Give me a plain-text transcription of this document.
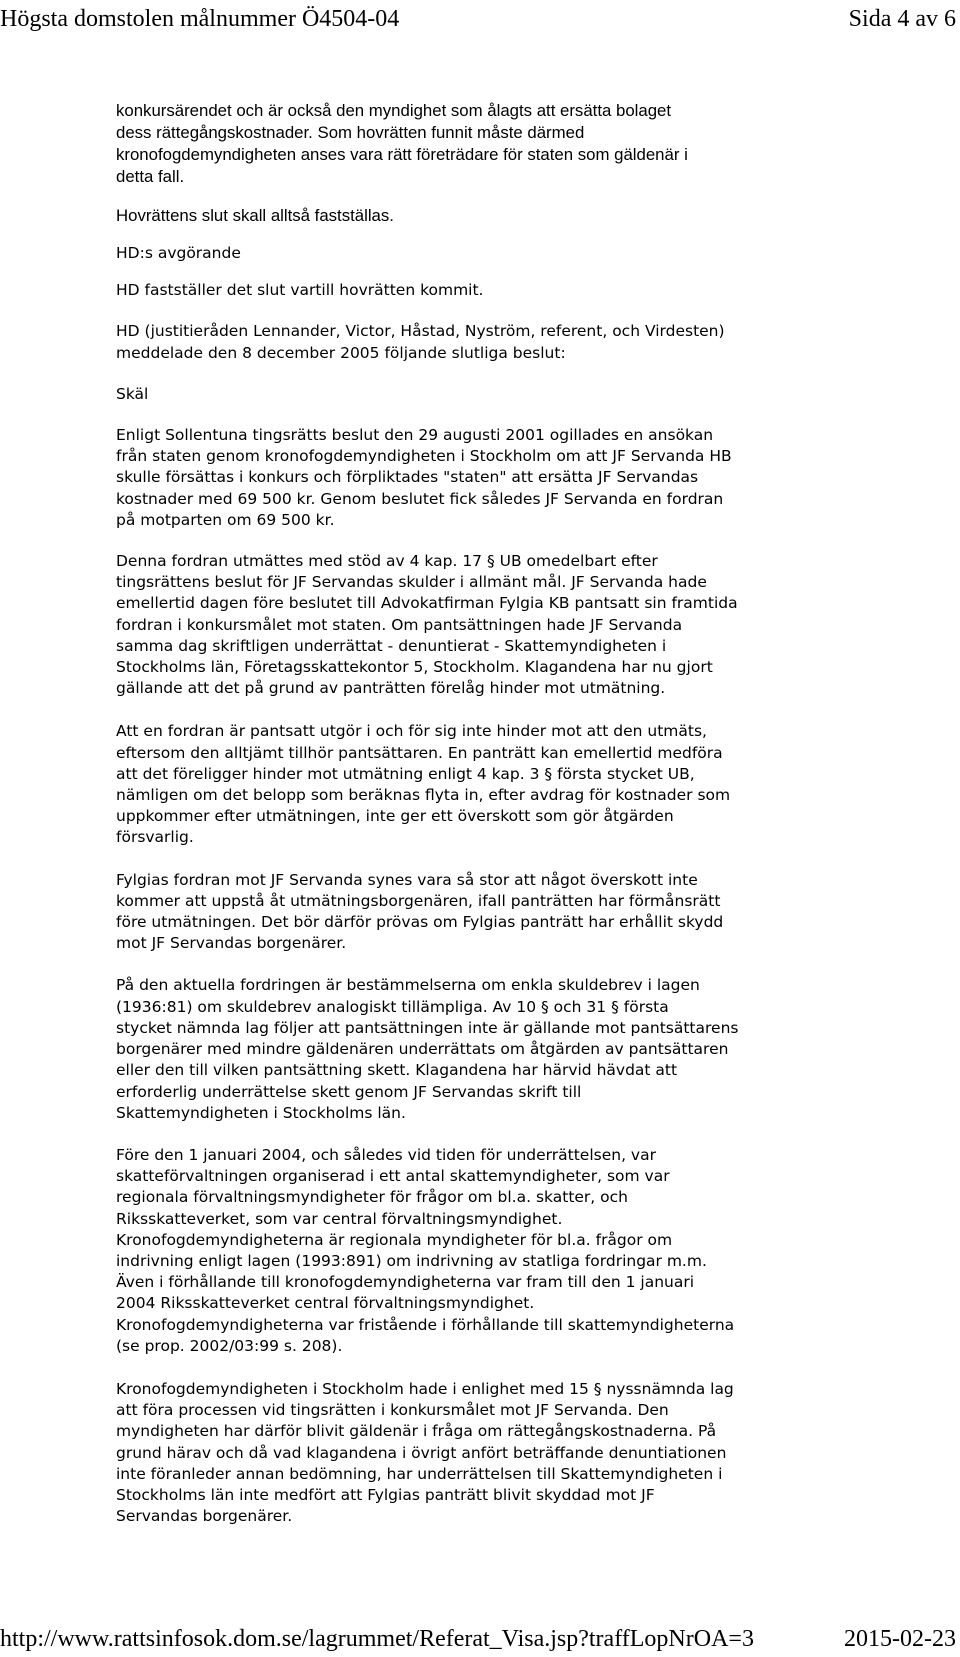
Högsta domstolen målnummer Ö4504-04	Sida 4 av 6

konkursärendet och är också den myndighet som ålagts att ersätta bolaget
dess rättegångskostnader. Som hovrätten funnit måste därmed
kronofogdemyndigheten anses vara rätt företrädare för staten som gäldenär i
detta fall.

Hovrättens slut skall alltså fastställas.

HD:s avgörande

HD fastställer det slut vartill hovrätten kommit.

HD (justitieråden Lennander, Victor, Håstad, Nyström, referent, och Virdesten)
meddelade den 8 december 2005 följande slutliga beslut:

Skäl

Enligt Sollentuna tingsrätts beslut den 29 augusti 2001 ogillades en ansökan
från staten genom kronofogdemyndigheten i Stockholm om att JF Servanda HB
skulle försättas i konkurs och förpliktades "staten" att ersätta JF Servandas
kostnader med 69 500 kr. Genom beslutet fick således JF Servanda en fordran
på motparten om 69 500 kr.

Denna fordran utmättes med stöd av 4 kap. 17 § UB omedelbart efter
tingsrättens beslut för JF Servandas skulder i allmänt mål. JF Servanda hade
emellertid dagen före beslutet till Advokatfirman Fylgia KB pantsatt sin framtida
fordran i konkursmålet mot staten. Om pantsättningen hade JF Servanda
samma dag skriftligen underrättat - denuntierat - Skattemyndigheten i
Stockholms län, Företagsskattekontor 5, Stockholm. Klagandena har nu gjort
gällande att det på grund av panträtten förelåg hinder mot utmätning.

Att en fordran är pantsatt utgör i och för sig inte hinder mot att den utmäts,
eftersom den alltjämt tillhör pantsättaren. En panträtt kan emellertid medföra
att det föreligger hinder mot utmätning enligt 4 kap. 3 § första stycket UB,
nämligen om det belopp som beräknas flyta in, efter avdrag för kostnader som
uppkommer efter utmätningen, inte ger ett överskott som gör åtgärden
försvarlig.

Fylgias fordran mot JF Servanda synes vara så stor att något överskott inte
kommer att uppstå åt utmätningsborgenären, ifall panträtten har förmånsrätt
före utmätningen. Det bör därför prövas om Fylgias panträtt har erhållit skydd
mot JF Servandas borgenärer.

På den aktuella fordringen är bestämmelserna om enkla skuldebrev i lagen
(1936:81) om skuldebrev analogiskt tillämpliga. Av 10 § och 31 § första
stycket nämnda lag följer att pantsättningen inte är gällande mot pantsättarens
borgenärer med mindre gäldenären underrättats om åtgärden av pantsättaren
eller den till vilken pantsättning skett. Klagandena har härvid hävdat att
erforderlig underrättelse skett genom JF Servandas skrift till
Skattemyndigheten i Stockholms län.

Före den 1 januari 2004, och således vid tiden för underrättelsen, var
skatteförvaltningen organiserad i ett antal skattemyndigheter, som var
regionala förvaltningsmyndigheter för frågor om bl.a. skatter, och
Riksskatteverket, som var central förvaltningsmyndighet.
Kronofogdemyndigheterna är regionala myndigheter för bl.a. frågor om
indrivning enligt lagen (1993:891) om indrivning av statliga fordringar m.m.
Även i förhållande till kronofogdemyndigheterna var fram till den 1 januari
2004 Riksskatteverket central förvaltningsmyndighet.
Kronofogdemyndigheterna var fristående i förhållande till skattemyndigheterna
(se prop. 2002/03:99 s. 208).

Kronofogdemyndigheten i Stockholm hade i enlighet med 15 § nyssnämnda lag
att föra processen vid tingsrätten i konkursmålet mot JF Servanda. Den
myndigheten har därför blivit gäldenär i fråga om rättegångskostnaderna. På
grund härav och då vad klagandena i övrigt anfört beträffande denuntiationen
inte föranleder annan bedömning, har underrättelsen till Skattemyndigheten i
Stockholms län inte medfört att Fylgias panträtt blivit skyddad mot JF
Servandas borgenärer.

http://www.rattsinfosok.dom.se/lagrummet/Referat_Visa.jsp?traffLopNrOA=3	2015-02-23
